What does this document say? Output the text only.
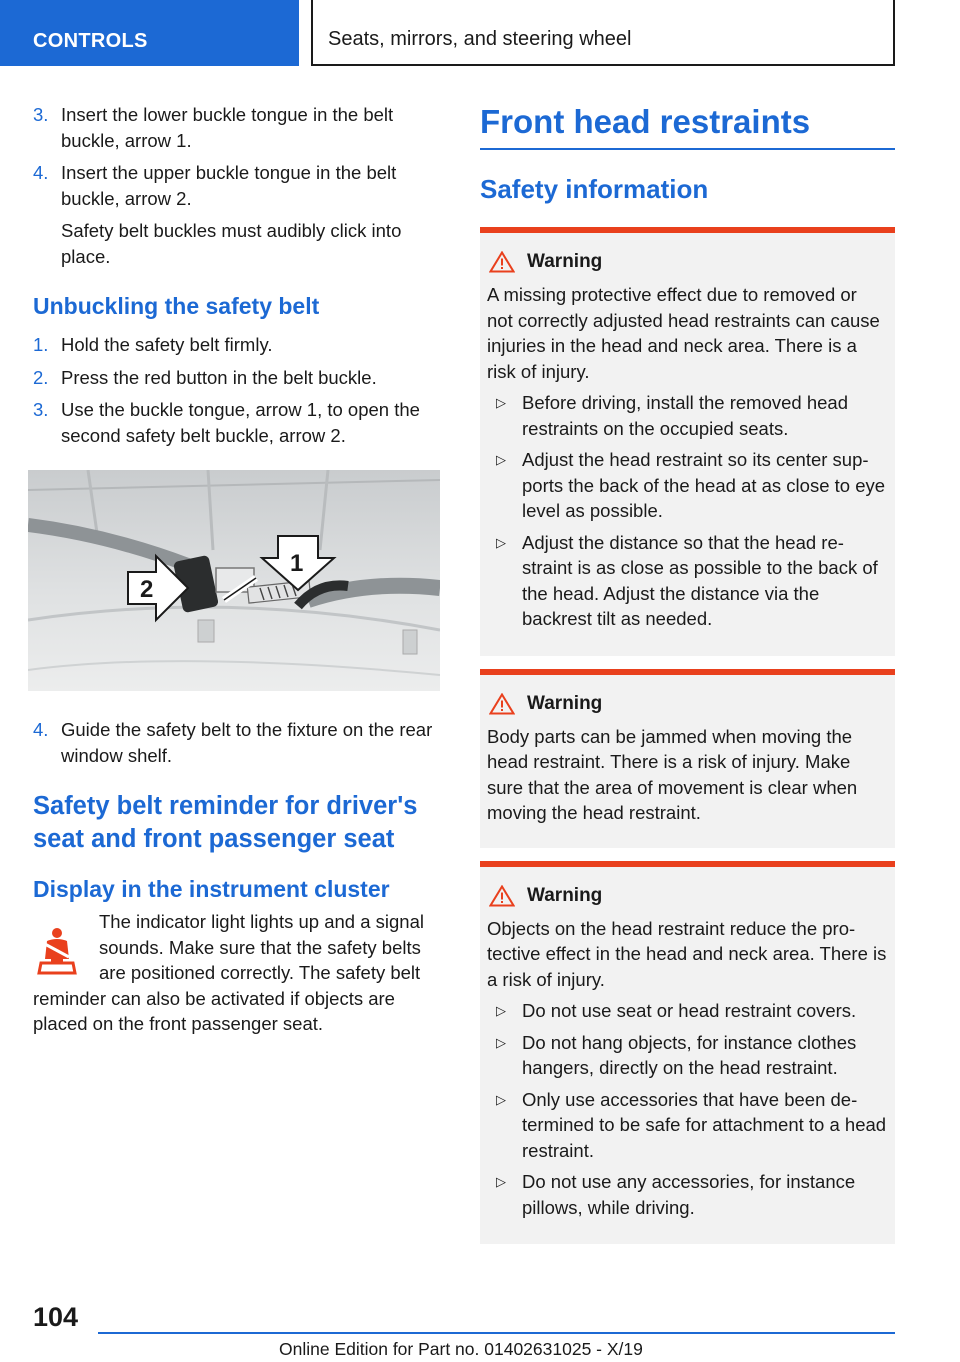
CONTROLS	Seats, mirrors, and steering wheel
3. Insert the lower buckle tongue in the belt buckle, arrow 1.
4. Insert the upper buckle tongue in the belt buckle, arrow 2.
Safety belt buckles must audibly click into place.
Unbuckling the safety belt
1. Hold the safety belt firmly.
2. Press the red button in the belt buckle.
3. Use the buckle tongue, arrow 1, to open the second safety belt buckle, arrow 2.
1
2
4. Guide the safety belt to the fixture on the rear window shelf.
Safety belt reminder for driver's seat and front passenger seat
Display in the instrument cluster

The indicator light lights up and a signal

sounds. Make sure that the safety belts

are positioned correctly. The safety belt

reminder can also be activated if objects are placed on the front passenger seat.

Front head restraints
Safety information
Warning

A missing protective effect due to removed or not correctly adjusted head restraints can cause injuries in the head and neck area. There is a risk of injury.

▷ Before driving, install the removed head restraints on the occupied seats.
▷ Adjust the head restraint so its center sup‐ ports the back of the head at as close to eye level as possible.
▷ Adjust the distance so that the head re‐ straint is as close as possible to the back of the head. Adjust the distance via the backrest tilt as needed.
Warning

Body parts can be jammed when moving the head restraint. There is a risk of injury. Make sure that the area of movement is clear when moving the head restraint.

Warning

Objects on the head restraint reduce the pro‐ tective effect in the head and neck area. There is a risk of injury.

▷ Do not use seat or head restraint covers.
▷ Do not hang objects, for instance clothes hangers, directly on the head restraint.
▷ Only use accessories that have been de‐ termined to be safe for attachment to a head restraint.
▷ Do not use any accessories, for instance pillows, while driving.
104
Online Edition for Part no. 01402631025 - X/19
